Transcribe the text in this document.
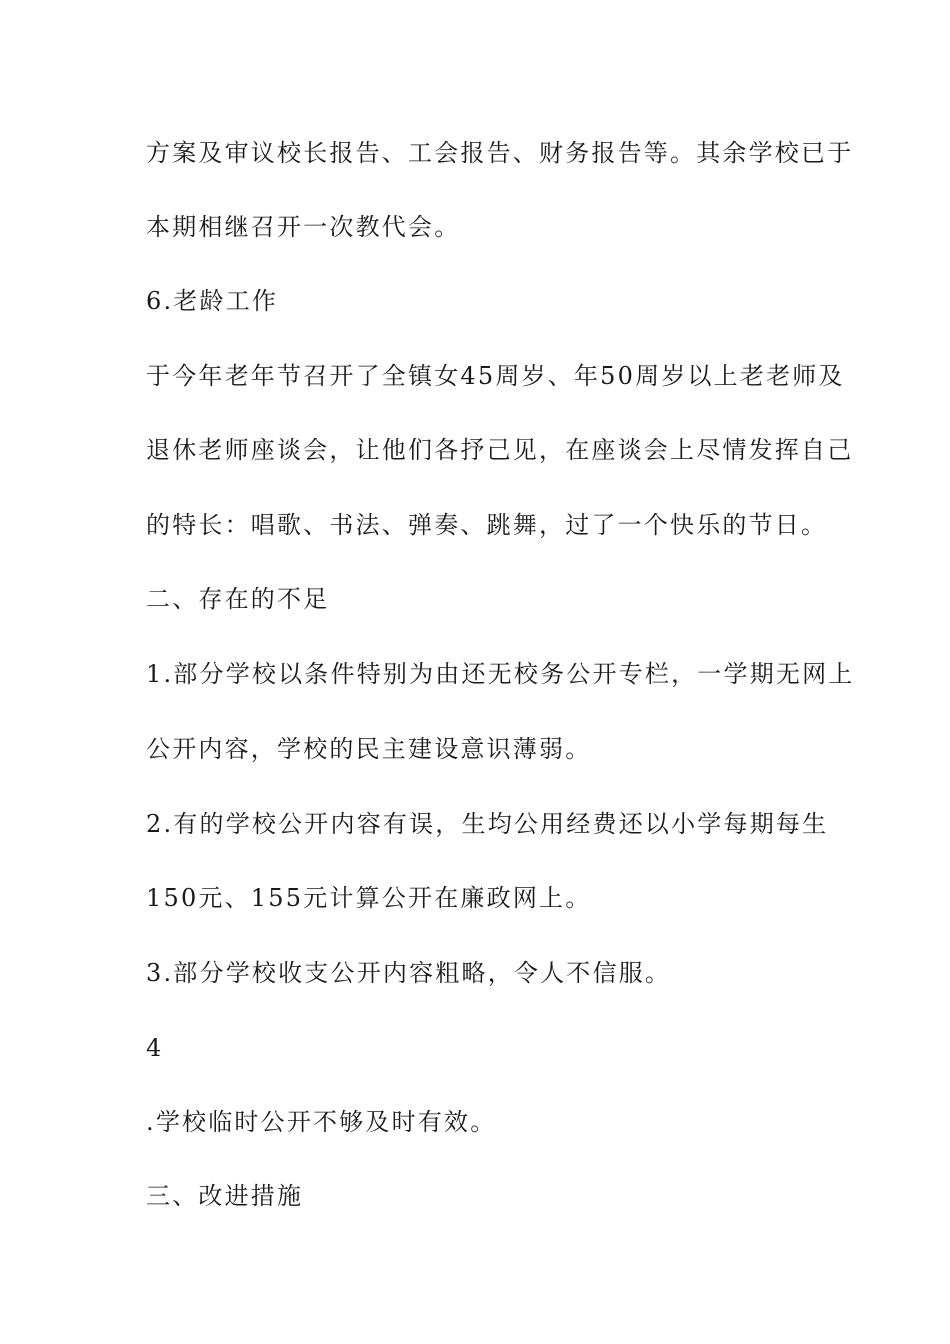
方案及审议校长报告、工会报告、财务报告等。其余学校已于
本期相继召开一次教代会。
6.老龄工作
于今年老年节召开了全镇女45周岁、年50周岁以上老老师及
退休老师座谈会，让他们各抒己见，在座谈会上尽情发挥自己
的特长：唱歌、书法、弹奏、跳舞，过了一个快乐的节日。
二、存在的不足
1.部分学校以条件特别为由还无校务公开专栏，一学期无网上
公开内容，学校的民主建设意识薄弱。
2.有的学校公开内容有误，生均公用经费还以小学每期每生
150元、155元计算公开在廉政网上。
3.部分学校收支公开内容粗略，令人不信服。
4
.学校临时公开不够及时有效。
三、改进措施
